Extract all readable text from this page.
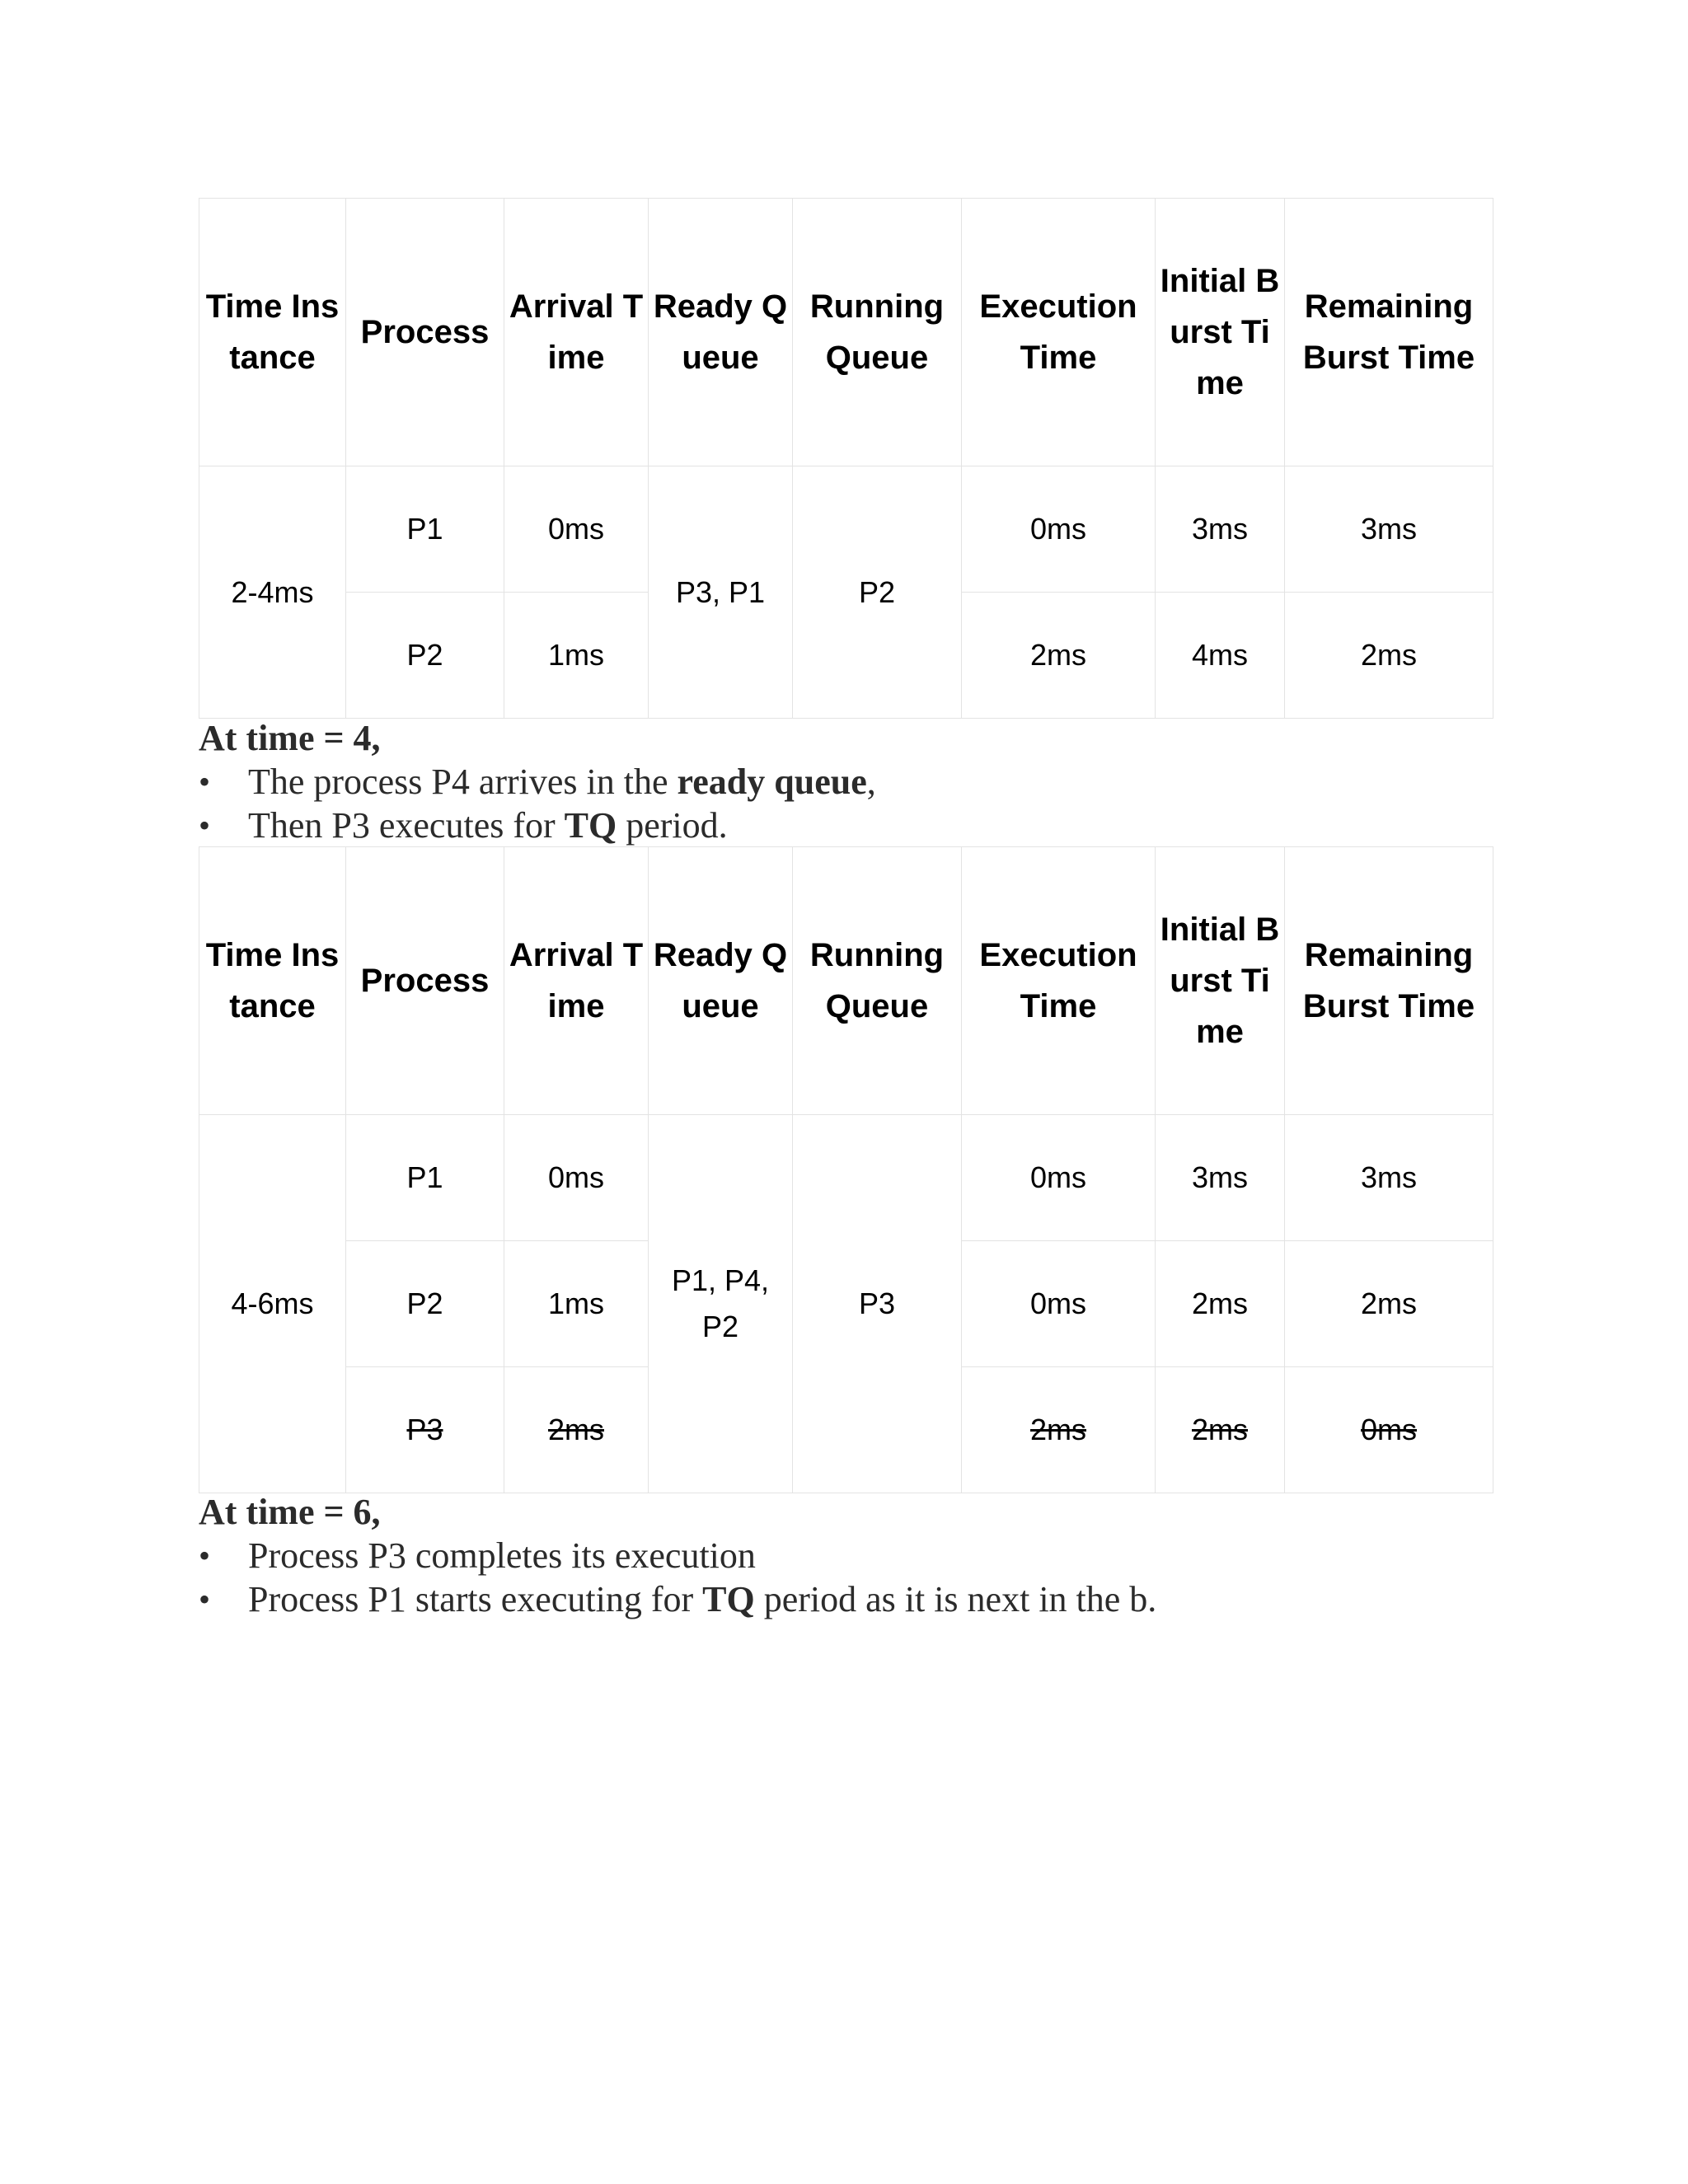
Time Instance	Process	Arrival Time	Ready Queue	Running Queue	Execution Time	Initial Burst Time	Remaining Burst Time
2-4ms	P1	0ms	P3, P1	P2	0ms	3ms	3ms
	P2	1ms			2ms	4ms	2ms
At time = 4,
• The process P4 arrives in the ready queue,
• Then P3 executes for TQ period.
Time Instance	Process	Arrival Time	Ready Queue	Running Queue	Execution Time	Initial Burst Time	Remaining Burst Time
4-6ms	P1	0ms	P1, P4, P2	P3	0ms	3ms	3ms
	P2	1ms			0ms	2ms	2ms
	P3	2ms			2ms	2ms	0ms
At time = 6,
• Process P3 completes its execution
• Process P1 starts executing for TQ period as it is next in the b.
